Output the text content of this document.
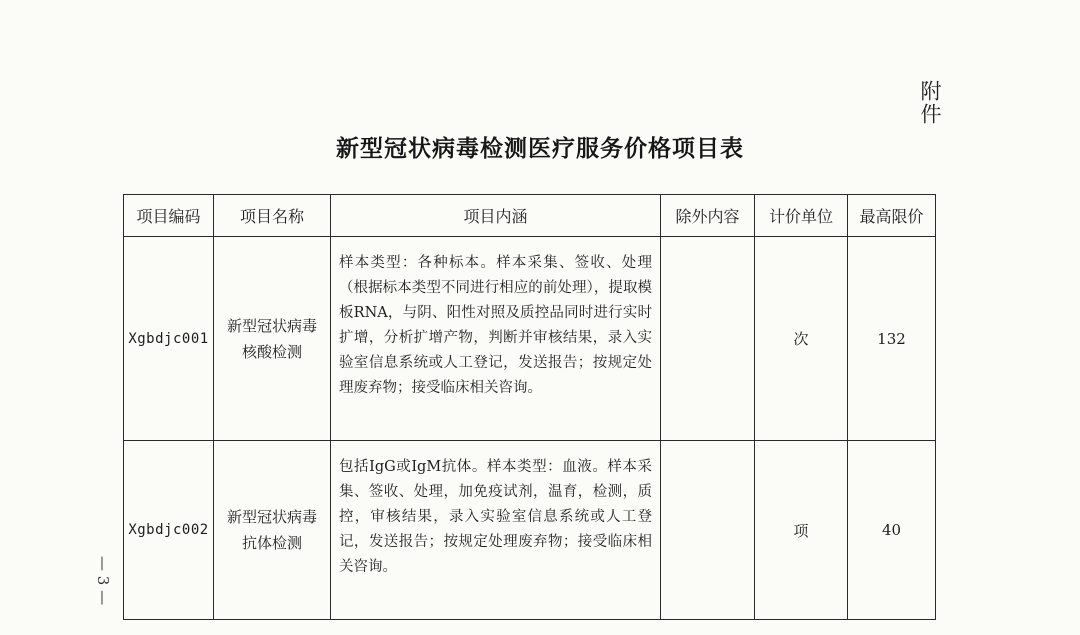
附件
新型冠状病毒检测医疗服务价格项目表
项目编码	项目名称	项目内涵	除外内容	计价单位	最高限价
Xgbdjc001	新型冠状病毒核酸检测	样本类型：各种标本。样本采集、签收、处理（根据标本类型不同进行相应的前处理），提取模板RNA，与阴、阳性对照及质控品同时进行实时扩增，分析扩增产物，判断并审核结果，录入实验室信息系统或人工登记，发送报告；按规定处理废弃物；接受临床相关咨询。		次	132
Xgbdjc002	新型冠状病毒抗体检测	包括IgG或IgM抗体。样本类型：血液。样本采集、签收、处理，加免疫试剂，温育，检测，质控，审核结果，录入实验室信息系统或人工登记，发送报告；按规定处理废弃物；接受临床相关咨询。		项	40
— 3 —
